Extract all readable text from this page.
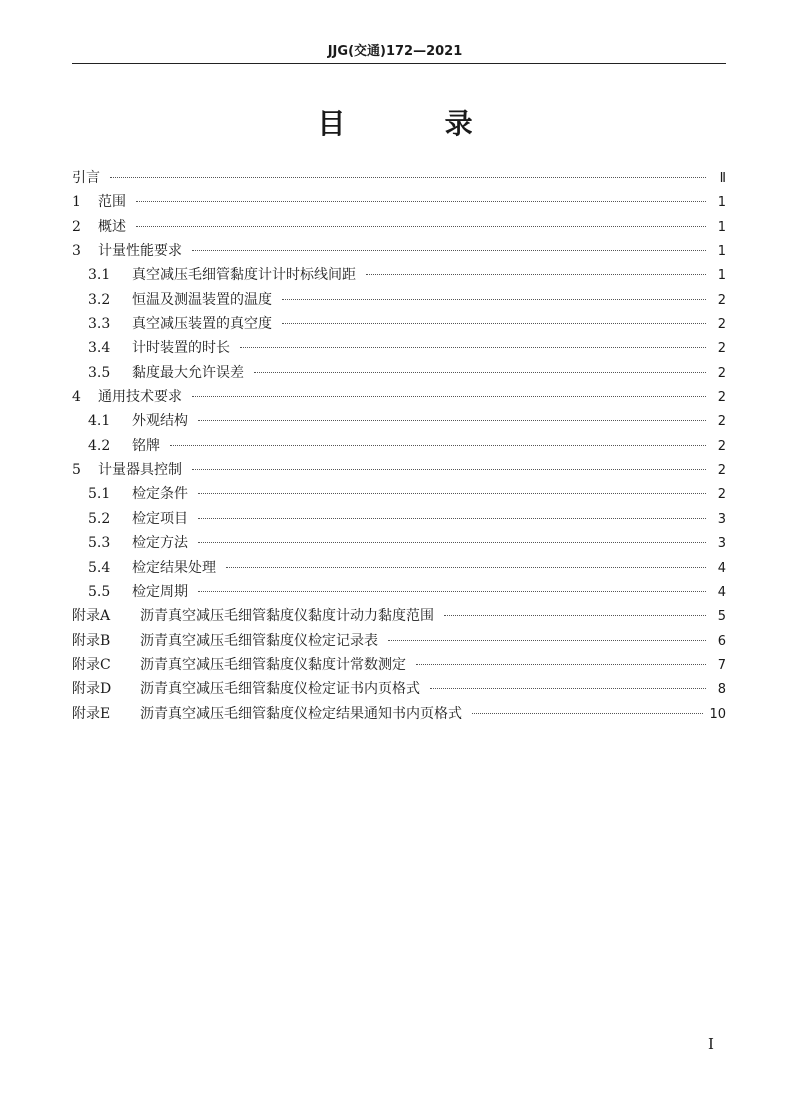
JJG(交通)172—2021
目 录
引言	Ⅱ
1	范围	1
2	概述	1
3	计量性能要求	1
3.1	真空减压毛细管黏度计计时标线间距	1
3.2	恒温及测温装置的温度	2
3.3	真空减压装置的真空度	2
3.4	计时装置的时长	2
3.5	黏度最大允许误差	2
4	通用技术要求	2
4.1	外观结构	2
4.2	铭牌	2
5	计量器具控制	2
5.1	检定条件	2
5.2	检定项目	3
5.3	检定方法	3
5.4	检定结果处理	4
5.5	检定周期	4
附录A	沥青真空减压毛细管黏度仪黏度计动力黏度范围	5
附录B	沥青真空减压毛细管黏度仪检定记录表	6
附录C	沥青真空减压毛细管黏度仪黏度计常数测定	7
附录D	沥青真空减压毛细管黏度仪检定证书内页格式	8
附录E	沥青真空减压毛细管黏度仪检定结果通知书内页格式	10
I
